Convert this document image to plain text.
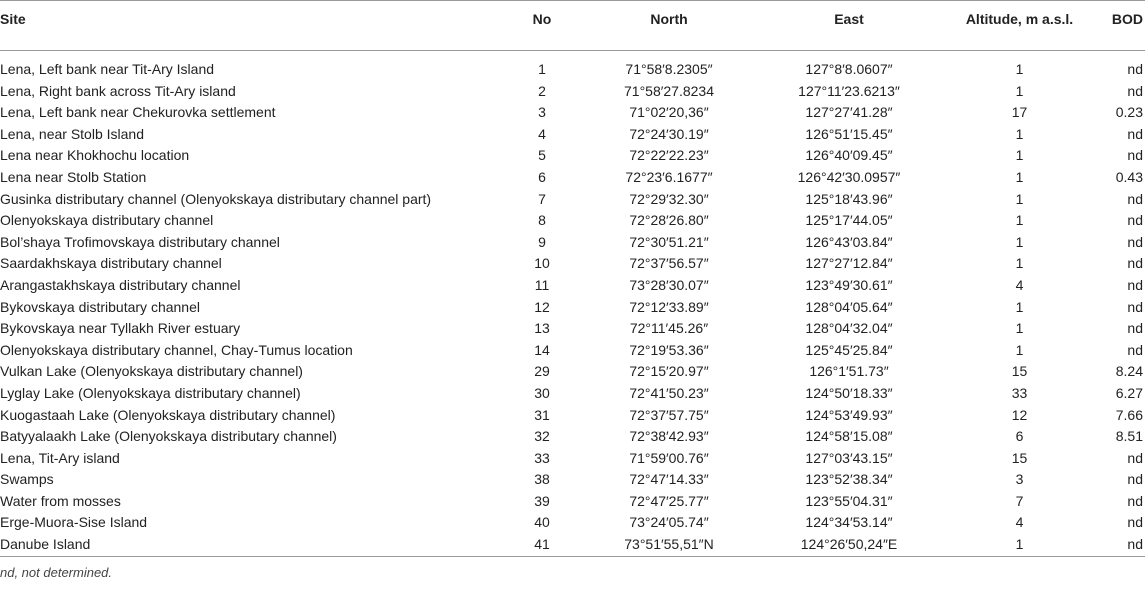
Site	No	North	East	Altitude, m a.s.l.	BOD

Lena, Left bank near Tit-Ary Island	1	71°58′8.2305″	127°8′8.0607″	1	nd
Lena, Right bank across Tit-Ary island	2	71°58′27.8234	127°11′23.6213″	1	nd
Lena, Left bank near Chekurovka settlement	3	71°02′20,36″	127°27′41.28″	17	0.23
Lena, near Stolb Island	4	72°24′30.19″	126°51′15.45″	1	nd
Lena near Khokhochu location	5	72°22′22.23″	126°40′09.45″	1	nd
Lena near Stolb Station	6	72°23′6.1677″	126°42′30.0957″	1	0.43
Gusinka distributary channel (Olenyokskaya distributary channel part)	7	72°29′32.30″	125°18′43.96″	1	nd
Olenyokskaya distributary channel	8	72°28′26.80″	125°17′44.05″	1	nd
Bol’shaya Trofimovskaya distributary channel	9	72°30′51.21″	126°43′03.84″	1	nd
Saardakhskaya distributary channel	10	72°37′56.57″	127°27′12.84″	1	nd
Arangastakhskaya distributary channel	11	73°28′30.07″	123°49′30.61″	4	nd
Bykovskaya distributary channel	12	72°12′33.89″	128°04′05.64″	1	nd
Bykovskaya near Tyllakh River estuary	13	72°11′45.26″	128°04′32.04″	1	nd
Olenyokskaya distributary channel, Chay-Tumus location	14	72°19′53.36″	125°45′25.84″	1	nd
Vulkan Lake (Olenyokskaya distributary channel)	29	72°15′20.97″	126°1′51.73″	15	8.24
Lyglay Lake (Olenyokskaya distributary channel)	30	72°41′50.23″	124°50′18.33″	33	6.27
Kuogastaah Lake (Olenyokskaya distributary channel)	31	72°37′57.75″	124°53′49.93″	12	7.66
Batyyalaakh Lake (Olenyokskaya distributary channel)	32	72°38′42.93″	124°58′15.08″	6	8.51
Lena, Tit-Ary island	33	71°59′00.76″	127°03′43.15″	15	nd
Swamps	38	72°47′14.33″	123°52′38.34″	3	nd
Water from mosses	39	72°47′25.77″	123°55′04.31″	7	nd
Erge-Muora-Sise Island	40	73°24′05.74″	124°34′53.14″	4	nd
Danube Island	41	73°51′55,51″N	124°26′50,24″E	1	nd
nd, not determined.
